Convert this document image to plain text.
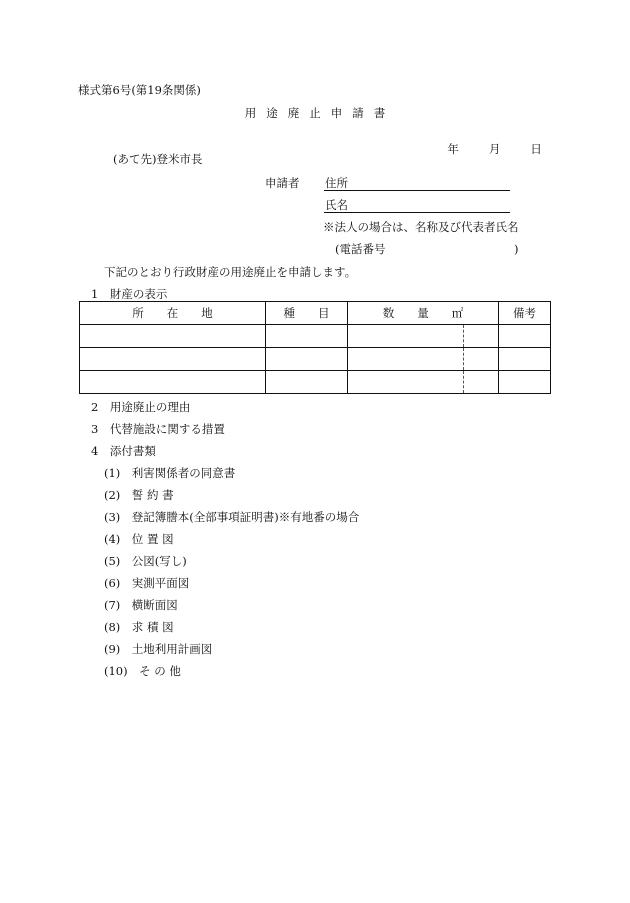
様式第6号(第19条関係)
用途廃止申請書

年	月	日

(あて先)登米市長
申請者 住所
氏名
※法人の場合は、名称及び代表者氏名
(電話番号	)
下記のとおり行政財産の用途廃止を申請します。
1　財産の表示
所　　在　　地	種　　目	数　　量　　㎡		備考

2　用途廃止の理由
3　代替施設に関する措置
4　添付書類
(1)　利害関係者の同意書
(2)　誓 約 書
(3)　登記簿謄本(全部事項証明書)※有地番の場合
(4)　位 置 図
(5)　公図(写し)
(6)　実測平面図
(7)　横断面図
(8)　求 積 図
(9)　土地利用計画図
(10)　そ の 他
